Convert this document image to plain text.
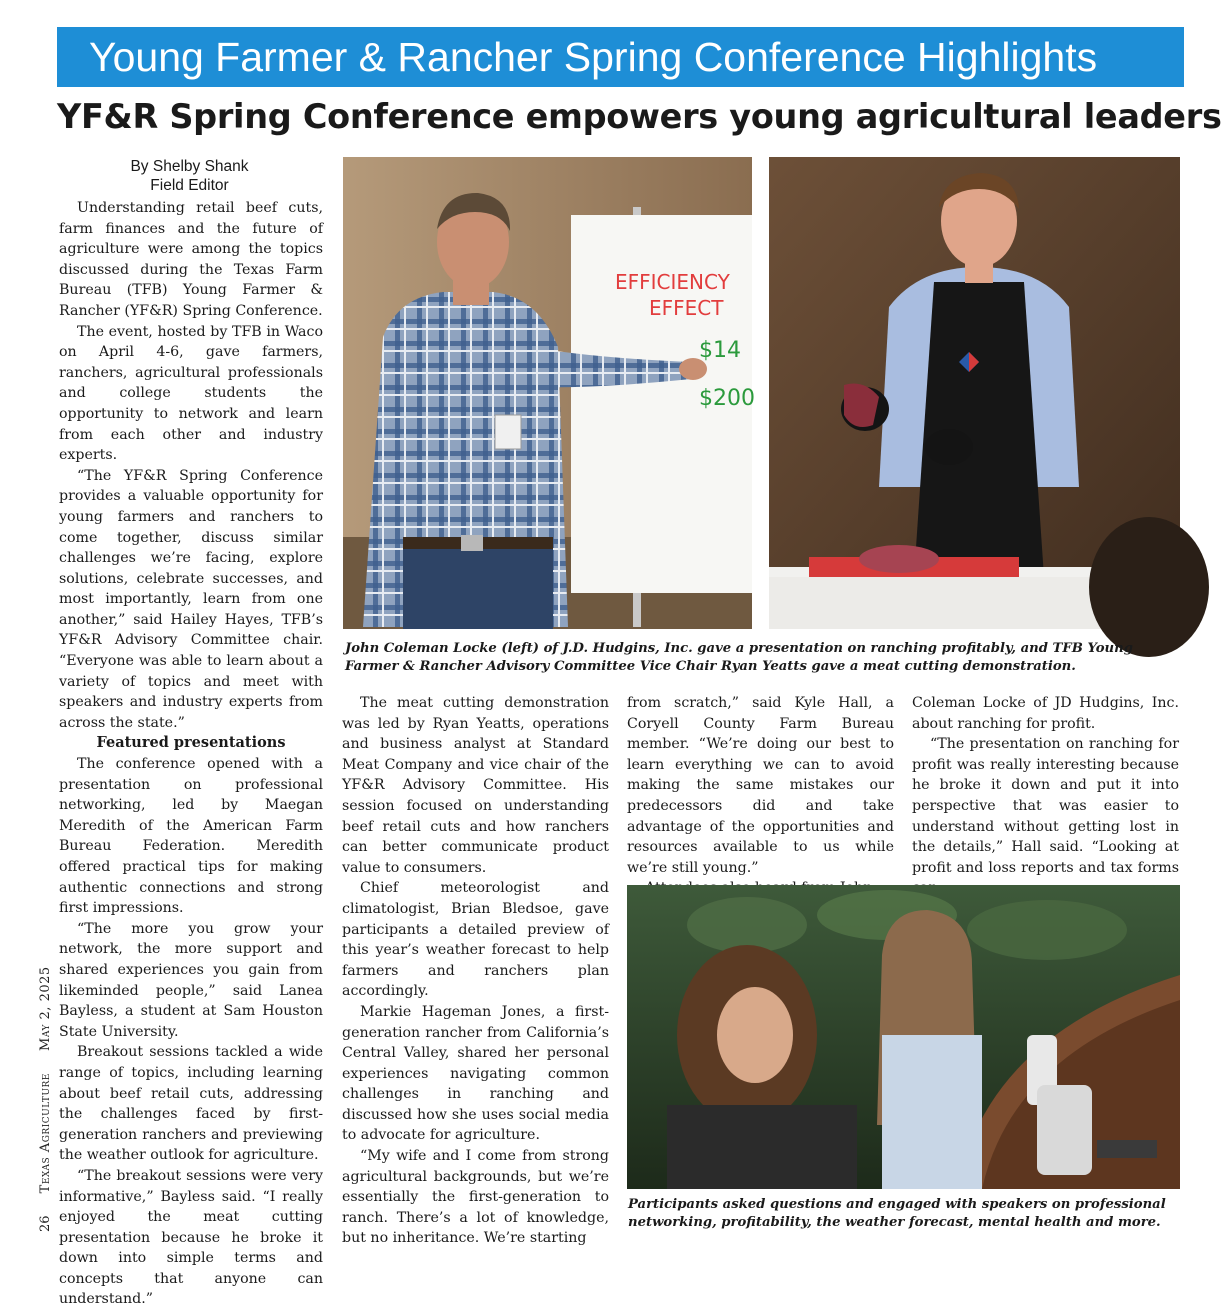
Young Farmer & Rancher Spring Conference Highlights
YF&R Spring Conference empowers young agricultural leaders
By Shelby Shank
Field Editor

Understanding retail beef cuts, farm finances and the future of agriculture were among the topics discussed during the Texas Farm Bureau (TFB) Young Farmer & Rancher (YF&R) Spring Conference.

The event, hosted by TFB in Waco on April 4-6, gave farmers, ranchers, agricultural professionals and college students the opportunity to network and learn from each other and industry experts.

“The YF&R Spring Conference provides a valuable opportunity for young farmers and ranchers to come together, discuss similar challenges we’re facing, explore solutions, celebrate successes, and most importantly, learn from one another,” said Hailey Hayes, TFB’s YF&R Advisory Committee chair. “Everyone was able to learn about a variety of topics and meet with speakers and industry experts from across the state.”

Featured presentations

The conference opened with a presentation on professional networking, led by Maegan Meredith of the American Farm Bureau Federation. Meredith offered practical tips for making authentic connections and strong first impressions.

“The more you grow your network, the more support and shared experiences you gain from likeminded people,” said Lanea Bayless, a student at Sam Houston State University.

Breakout sessions tackled a wide range of topics, including learning about beef retail cuts, addressing the challenges faced by first-generation ranchers and previewing the weather outlook for agriculture.

“The breakout sessions were very informative,” Bayless said. “I really enjoyed the meat cutting presentation because he broke it down into simple terms and concepts that anyone can understand.”

EFFICIENCY
EFFECT
$14
$200
John Coleman Locke (left) of J.D. Hudgins, Inc. gave a presentation on ranching profitably, and TFB Young Farmer & Rancher Advisory Committee Vice Chair Ryan Yeatts gave a meat cutting demonstration.

The meat cutting demonstration was led by Ryan Yeatts, operations and business analyst at Standard Meat Company and vice chair of the YF&R Advisory Committee. His session focused on understanding beef retail cuts and how ranchers can better communicate product value to consumers.

Chief meteorologist and climatologist, Brian Bledsoe, gave participants a detailed preview of this year’s weather forecast to help farmers and ranchers plan accordingly.

Markie Hageman Jones, a first-generation rancher from California’s Central Valley, shared her personal experiences navigating common challenges in ranching and discussed how she uses social media to advocate for agriculture.

“My wife and I come from strong agricultural backgrounds, but we’re essentially the first-generation to ranch. There’s a lot of knowledge, but no inheritance. We’re starting

from scratch,” said Kyle Hall, a Coryell County Farm Bureau member. “We’re doing our best to learn everything we can to avoid making the same mistakes our predecessors did and take advantage of the opportunities and resources available to us while we’re still young.”

Coleman Locke of JD Hudgins, Inc. about ranching for profit.

“The presentation on ranching for profit was really interesting because he broke it down and put it into perspective that was easier to understand without getting lost in the details,” Hall said. “Looking at profit and loss reports and tax forms

Participants asked questions and engaged with speakers on professional networking, profitability, the weather forecast, mental health and more.
26 Texas Agriculture May 2, 2025
